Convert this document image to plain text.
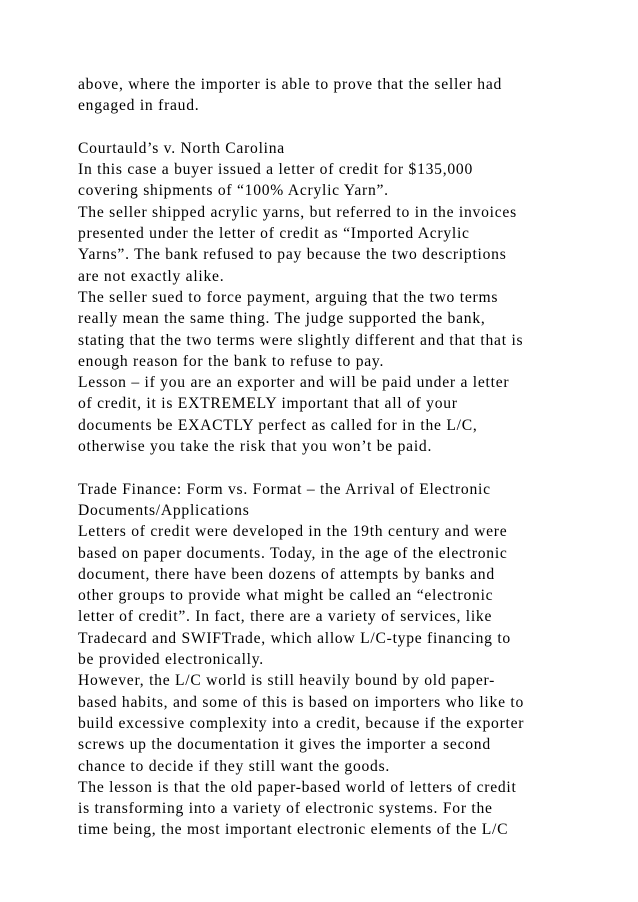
above, where the importer is able to prove that the seller had
engaged in fraud.
Courtauld’s v. North Carolina
In this case a buyer issued a letter of credit for $135,000
covering shipments of “100% Acrylic Yarn”.
The seller shipped acrylic yarns, but referred to in the invoices
presented under the letter of credit as “Imported Acrylic
Yarns”. The bank refused to pay because the two descriptions
are not exactly alike.
The seller sued to force payment, arguing that the two terms
really mean the same thing. The judge supported the bank,
stating that the two terms were slightly different and that that is
enough reason for the bank to refuse to pay.
Lesson – if you are an exporter and will be paid under a letter
of credit, it is EXTREMELY important that all of your
documents be EXACTLY perfect as called for in the L/C,
otherwise you take the risk that you won’t be paid.
Trade Finance: Form vs. Format – the Arrival of Electronic
Documents/Applications
Letters of credit were developed in the 19th century and were
based on paper documents. Today, in the age of the electronic
document, there have been dozens of attempts by banks and
other groups to provide what might be called an “electronic
letter of credit”. In fact, there are a variety of services, like
Tradecard and SWIFTrade, which allow L/C-type financing to
be provided electronically.
However, the L/C world is still heavily bound by old paper-
based habits, and some of this is based on importers who like to
build excessive complexity into a credit, because if the exporter
screws up the documentation it gives the importer a second
chance to decide if they still want the goods.
The lesson is that the old paper-based world of letters of credit
is transforming into a variety of electronic systems. For the
time being, the most important electronic elements of the L/C
